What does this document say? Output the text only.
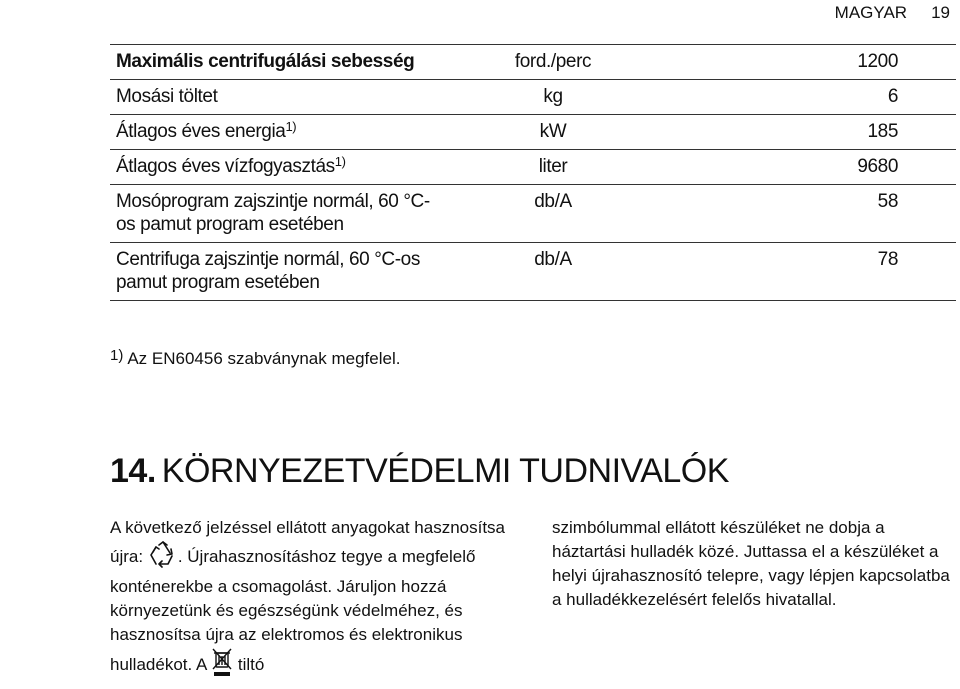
MAGYAR 19
Maximális centrifugálási sebesség	ford./perc	1200
Mosási töltet	kg	6
Átlagos éves energia$^{1)}$	kW	185
Átlagos éves vízfogyasztás$^{1)}$	liter	9680
Mosóprogram zajszintje normál, 60 °C-os pamut program esetében	db/A	58
Centrifuga zajszintje normál, 60 °C-os pamut program esetében	db/A	78
1) Az EN60456 szabványnak megfelel.
14. KÖRNYEZETVÉDELMI TUDNIVALÓK
A következő jelzéssel ellátott anyagokat hasznosítsa újra: . Újrahasznosításhoz tegye a megfelelő konténerekbe a csomagolást. Járuljon hozzá környezetünk és egészségünk védelméhez, és hasznosítsa újra az elektromos és elektronikus hulladékot. A tiltó
szimbólummal ellátott készüléket ne dobja a háztartási hulladék közé. Juttassa el a készüléket a helyi újrahasznosító telepre, vagy lépjen kapcsolatba a hulladékkezelésért felelős hivatallal.
